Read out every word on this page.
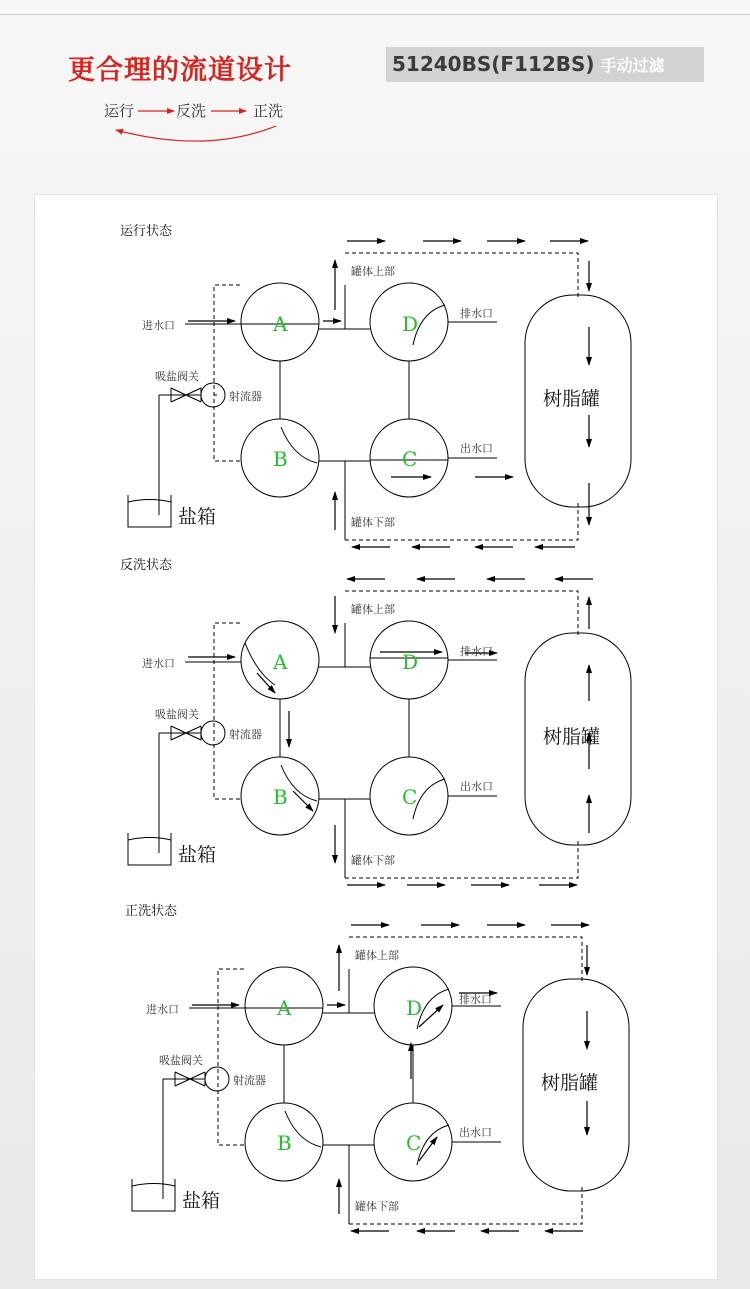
更合理的流道设计	51240BS(F112BS) 手动过滤
运行	反洗	正洗
运行状态
A	D
B	C
树脂罐
进水口
排水口
出水口
罐体上部
罐体下部
吸盐阀关
射流器
盐箱
反洗状态
A	D
B	C
树脂罐
进水口
排水口
出水口
罐体上部
罐体下部
吸盐阀关
射流器
盐箱
正洗状态
A	D
B	C
树脂罐
进水口
排水口
出水口
罐体上部
罐体下部
吸盐阀关
射流器
盐箱
